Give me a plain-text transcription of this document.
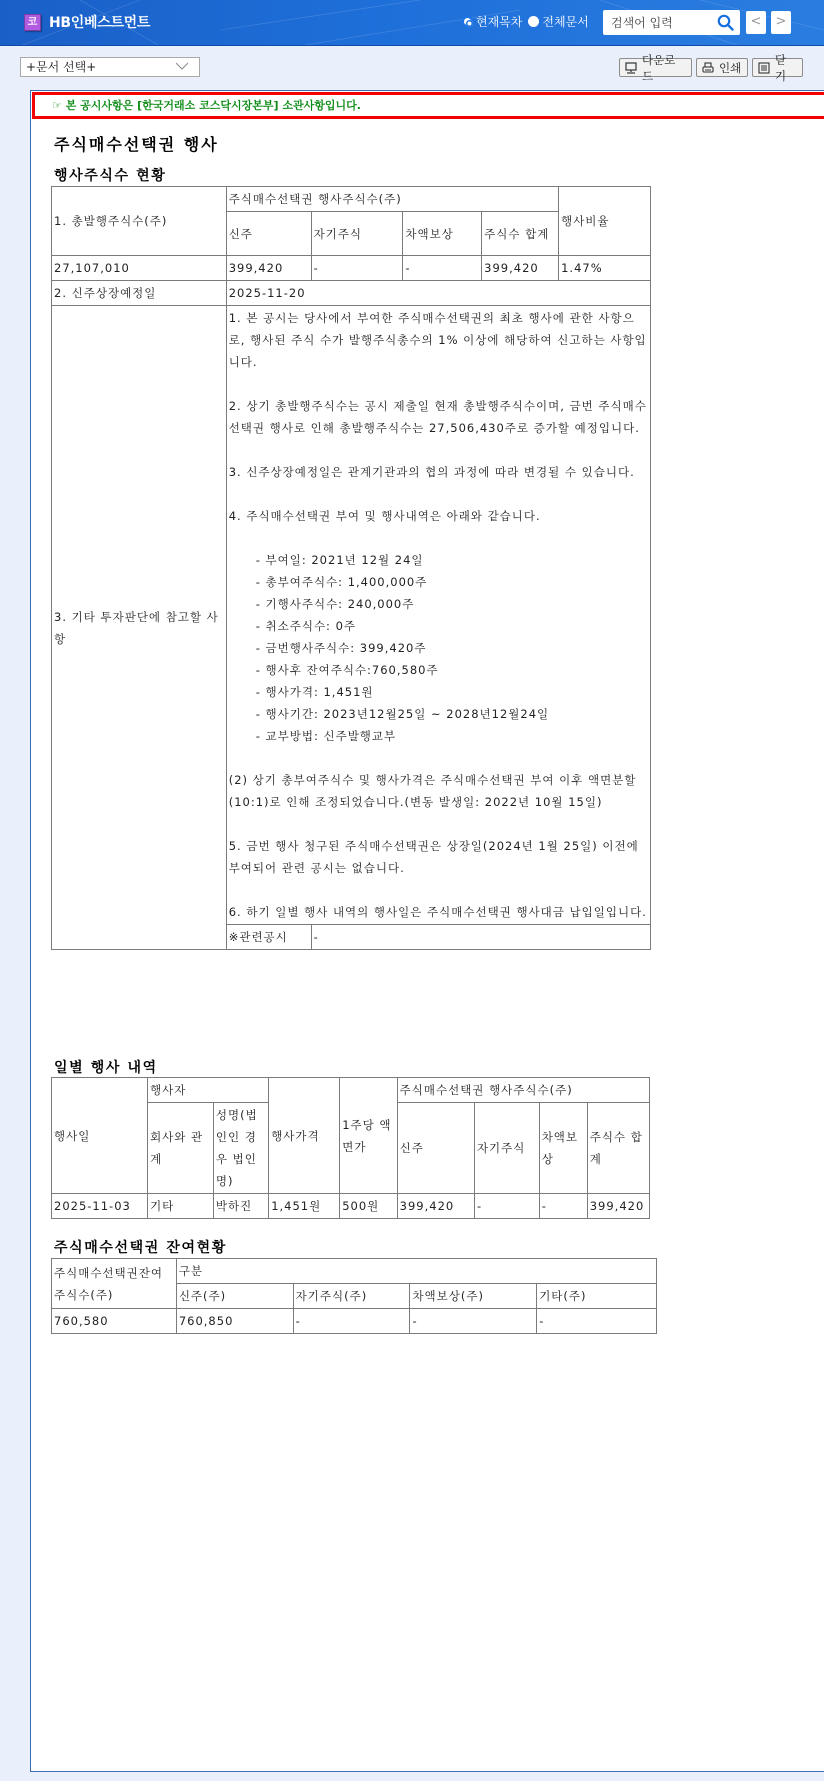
코 HB인베스트먼트	현재목차 전체문서
검색어 입력	<	>
+문서 선택+
다운로드
인쇄
닫기
☞ 본 공시사항은 [한국거래소 코스닥시장본부] 소관사항입니다.
주식매수선택권 행사
행사주식수 현황
1. 총발행주식수(주)	주식매수선택권 행사주식수(주)				행사비율
	신주	자기주식	차액보상	주식수 합계	
27,107,010	399,420	-	-	399,420	1.47%
2. 신주상장예정일	2025-11-20				
3. 기타 투자판단에 참고할 사항	
1. 본 공시는 당사에서 부여한 주식매수선택권의 최초 행사에 관한 사항으로, 행사된 주식 수가 발행주식총수의 1% 이상에 해당하여 신고하는 사항입니다.
2. 상기 총발행주식수는 공시 제출일 현재 총발행주식수이며, 금번 주식매수선택권 행사로 인해 총발행주식수는 27,506,430주로 증가할 예정입니다.
3. 신주상장예정일은 관계기관과의 협의 과정에 따라 변경될 수 있습니다.
4. 주식매수선택권 부여 및 행사내역은 아래와 같습니다.
- 부여일: 2021년 12월 24일
- 총부여주식수: 1,400,000주
- 기행사주식수: 240,000주
- 취소주식수: 0주
- 금번행사주식수: 399,420주
- 행사후 잔여주식수:760,580주
- 행사가격: 1,451원
- 행사기간: 2023년12월25일 ~ 2028년12월24일
- 교부방법: 신주발행교부
(2) 상기 총부여주식수 및 행사가격은 주식매수선택권 부여 이후 액면분할(10:1)로 인해 조정되었습니다.(변동 발생일: 2022년 10월 15일)
5. 금번 행사 청구된 주식매수선택권은 상장일(2024년 1월 25일) 이전에 부여되어 관련 공시는 없습니다.
6. 하기 일별 행사 내역의 행사일은 주식매수선택권 행사대금 납입일입니다.

	※관련공시	-			
일별 행사 내역
행사일	행사자		행사가격	1주당 액면가	주식매수선택권 행사주식수(주)			
	회사와 관계	성명(법인인 경우 법인명)			신주	자기주식	차액보상	주식수 합계
2025-11-03	기타	박하진	1,451원	500원	399,420	-	-	399,420
주식매수선택권 잔여현황
주식매수선택권잔여주식수(주)	구분			
	신주(주)	자기주식(주)	차액보상(주)	기타(주)
760,580	760,850	-	-	-
